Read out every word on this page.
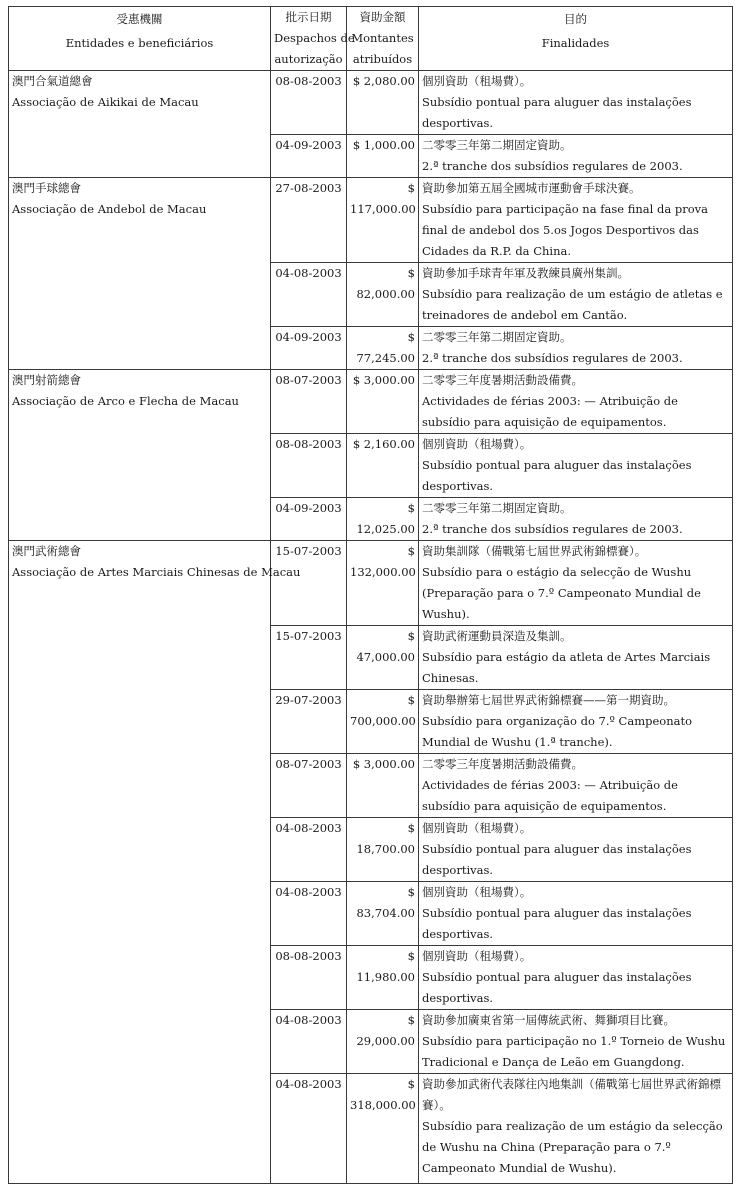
受惠機關
Entidades e beneficiários	批示日期
Despachos de
autorização	資助金額
Montantes
atribuídos	目的
Finalidades

澳門合氣道總會
Associação de Aikikai de Macau	08-08-2003	$ 2,080.00	個別資助（租場費）。
Subsídio pontual para aluguer das instalações desportivas.

	04-09-2003	$ 1,000.00	二零零三年第二期固定資助。
2.ª tranche dos subsídios regulares de 2003.

澳門手球總會
Associação de Andebol de Macau	27-08-2003	$ 117,000.00	資助參加第五屆全國城市運動會手球決賽。
Subsídio para participação na fase final da prova final de andebol dos 5.os Jogos Desportivos das Cidades da R.P. da China.

	04-08-2003	$ 82,000.00	資助參加手球青年軍及教練員廣州集訓。
Subsídio para realização de um estágio de atletas e treinadores de andebol em Cantão.

	04-09-2003	$ 77,245.00	二零零三年第二期固定資助。
2.ª tranche dos subsídios regulares de 2003.

澳門射箭總會
Associação de Arco e Flecha de Macau	08-07-2003	$ 3,000.00	二零零三年度暑期活動設備費。
Actividades de férias 2003: — Atribuição de subsídio para aquisição de equipamentos.

	08-08-2003	$ 2,160.00	個別資助（租場費）。
Subsídio pontual para aluguer das instalações desportivas.

	04-09-2003	$ 12,025.00	二零零三年第二期固定資助。
2.ª tranche dos subsídios regulares de 2003.

澳門武術總會
Associação de Artes Marciais Chinesas de Macau	15-07-2003	$ 132,000.00	資助集訓隊（備戰第七屆世界武術錦標賽）。
Subsídio para o estágio da selecção de Wushu (Preparação para o 7.º Campeonato Mundial de Wushu).

	15-07-2003	$ 47,000.00	資助武術運動員深造及集訓。
Subsídio para estágio da atleta de Artes Marciais Chinesas.

	29-07-2003	$ 700,000.00	資助舉辦第七屆世界武術錦標賽——第一期資助。
Subsídio para organização do 7.º Campeonato Mundial de Wushu (1.ª tranche).

	08-07-2003	$ 3,000.00	二零零三年度暑期活動設備費。
Actividades de férias 2003: — Atribuição de subsídio para aquisição de equipamentos.

	04-08-2003	$ 18,700.00	個別資助（租場費）。
Subsídio pontual para aluguer das instalações desportivas.

	04-08-2003	$ 83,704.00	個別資助（租場費）。
Subsídio pontual para aluguer das instalações desportivas.

	08-08-2003	$ 11,980.00	個別資助（租場費）。
Subsídio pontual para aluguer das instalações desportivas.

	04-08-2003	$ 29,000.00	資助參加廣東省第一屆傳統武術、舞獅項目比賽。
Subsídio para participação no 1.º Torneio de Wushu Tradicional e Dança de Leão em Guangdong.

	04-08-2003	$ 318,000.00	資助參加武術代表隊往內地集訓（備戰第七屆世界武術錦標賽）。
Subsídio para realização de um estágio da selecção de Wushu na China (Preparação para o 7.º Campeonato Mundial de Wushu).
